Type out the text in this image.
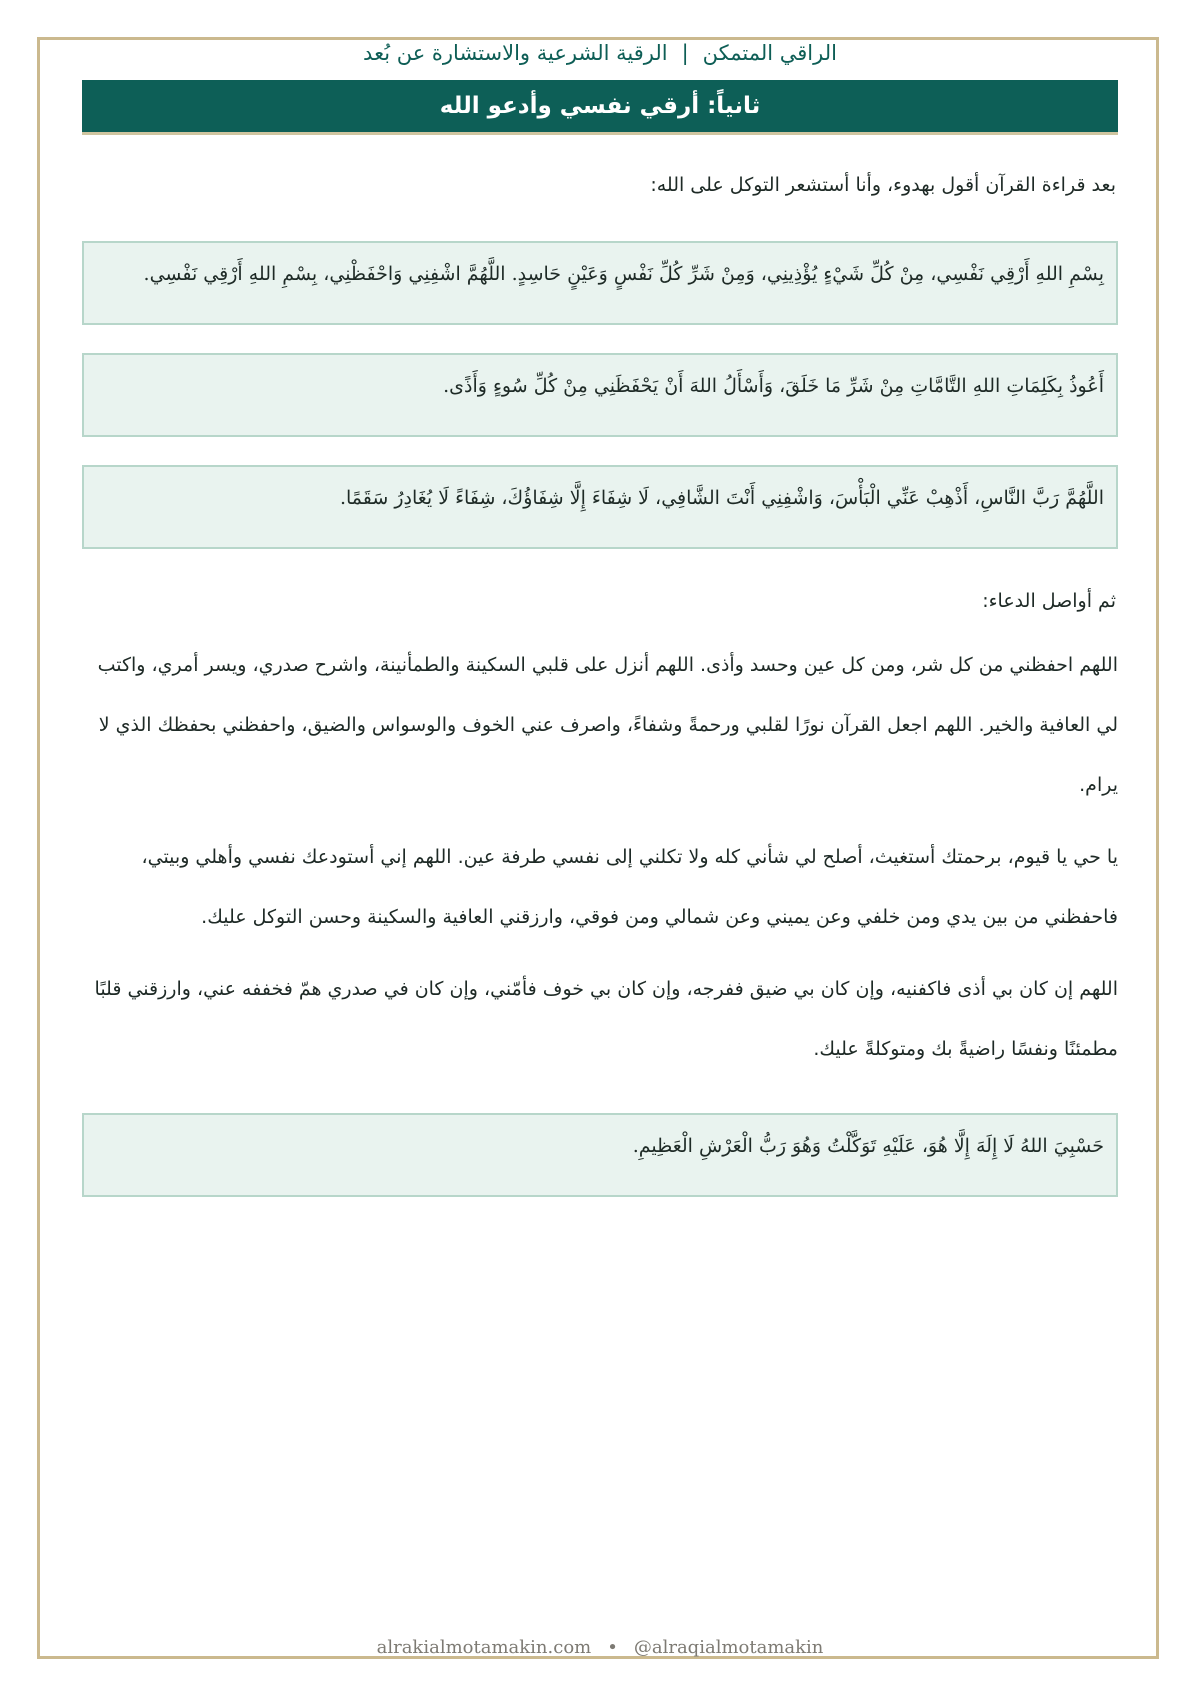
الراقي المتمكن|الرقية الشرعية والاستشارة عن بُعد
ثانياً: أرقي نفسي وأدعو الله
بعد قراءة القرآن أقول بهدوء، وأنا أستشعر التوكل على الله:
بِسْمِ اللهِ أَرْقِي نَفْسِي، مِنْ كُلِّ شَيْءٍ يُؤْذِينِي، وَمِنْ شَرِّ كُلِّ نَفْسٍ وَعَيْنٍ حَاسِدٍ. اللَّهُمَّ اشْفِنِي وَاحْفَظْنِي، بِسْمِ اللهِ أَرْقِي نَفْسِي.
أَعُوذُ بِكَلِمَاتِ اللهِ التَّامَّاتِ مِنْ شَرِّ مَا خَلَقَ، وَأَسْأَلُ اللهَ أَنْ يَحْفَظَنِي مِنْ كُلِّ سُوءٍ وَأَذًى.
اللَّهُمَّ رَبَّ النَّاسِ، أَذْهِبْ عَنِّي الْبَأْسَ، وَاشْفِنِي أَنْتَ الشَّافِي، لَا شِفَاءَ إِلَّا شِفَاؤُكَ، شِفَاءً لَا يُغَادِرُ سَقَمًا.
ثم أواصل الدعاء:

اللهم احفظني من كل شر، ومن كل عين وحسد وأذى. اللهم أنزل على قلبي السكينة والطمأنينة، واشرح صدري، ويسر أمري، واكتب لي العافية والخير. اللهم اجعل القرآن نورًا لقلبي ورحمةً وشفاءً، واصرف عني الخوف والوسواس والضيق، واحفظني بحفظك الذي لا يرام.

يا حي يا قيوم، برحمتك أستغيث، أصلح لي شأني كله ولا تكلني إلى نفسي طرفة عين. اللهم إني أستودعك نفسي وأهلي وبيتي، فاحفظني من بين يدي ومن خلفي وعن يميني وعن شمالي ومن فوقي، وارزقني العافية والسكينة وحسن التوكل عليك.

اللهم إن كان بي أذى فاكفنيه، وإن كان بي ضيق ففرجه، وإن كان بي خوف فأمّني، وإن كان في صدري همّ فخففه عني، وارزقني قلبًا مطمئنًا ونفسًا راضيةً بك ومتوكلةً عليك.

حَسْبِيَ اللهُ لَا إِلَهَ إِلَّا هُوَ، عَلَيْهِ تَوَكَّلْتُ وَهُوَ رَبُّ الْعَرْشِ الْعَظِيمِ.
alrakialmotamakin.com • @alraqialmotamakin
